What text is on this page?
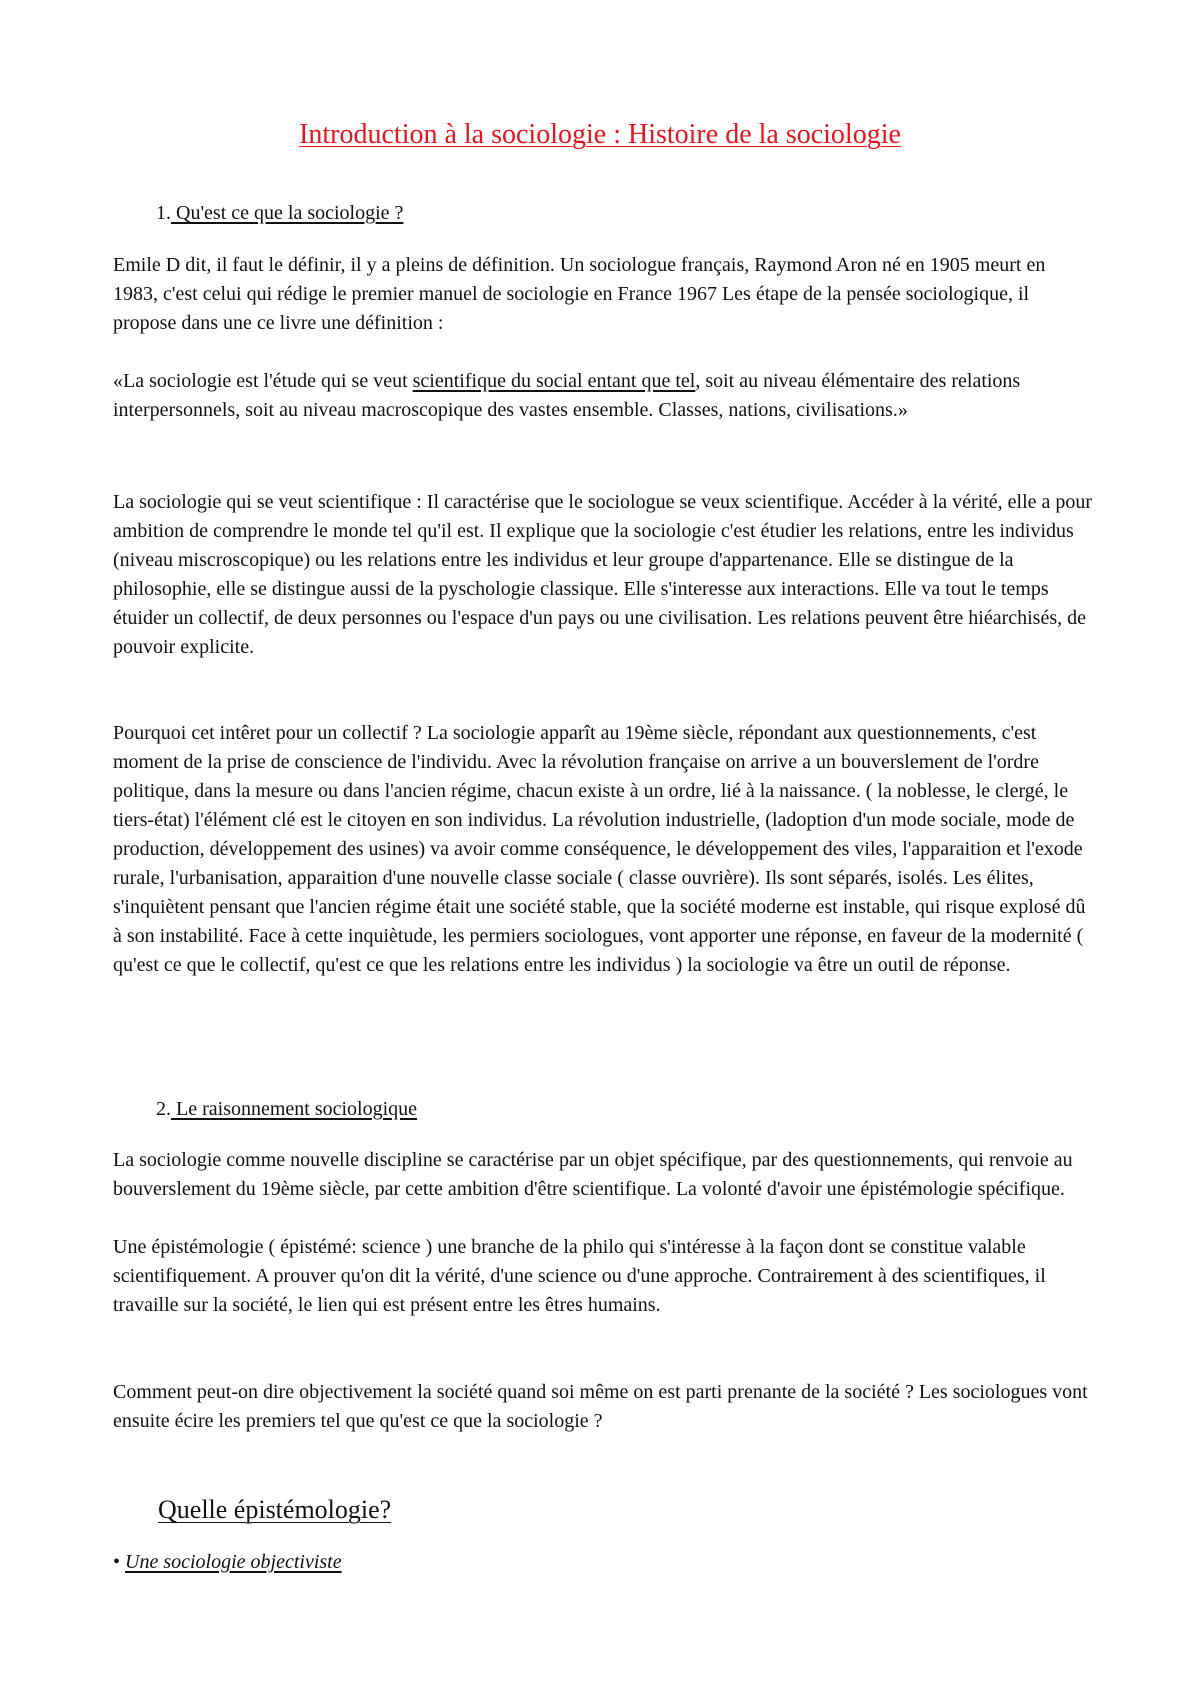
Introduction à la sociologie : Histoire de la sociologie
1. Qu'est ce que la sociologie ?

Emile D dit, il faut le définir, il y a pleins de définition. Un sociologue français, Raymond Aron né en 1905 meurt en 1983, c'est celui qui rédige le premier manuel de sociologie en France 1967 Les étape de la pensée sociologique, il propose dans une ce livre une définition :

«La sociologie est l'étude qui se veut scientifique du social entant que tel, soit au niveau élémentaire des relations interpersonnels, soit au niveau macroscopique des vastes ensemble. Classes, nations, civilisations.»

La sociologie qui se veut scientifique : Il caractérise que le sociologue se veux scientifique. Accéder à la vérité, elle a pour ambition de comprendre le monde tel qu'il est. Il explique que la sociologie c'est étudier les relations, entre les individus (niveau miscroscopique) ou les relations entre les individus et leur groupe d'appartenance. Elle se distingue de la philosophie, elle se distingue aussi de la pyschologie classique. Elle s'interesse aux interactions. Elle va tout le temps étuider un collectif, de deux personnes ou l'espace d'un pays ou une civilisation. Les relations peuvent être hiéarchisés, de pouvoir explicite.

Pourquoi cet intêret pour un collectif ? La sociologie apparît au 19ème siècle, répondant aux questionnements, c'est moment de la prise de conscience de l'individu. Avec la révolution française on arrive a un bouverslement de l'ordre politique, dans la mesure ou dans l'ancien régime, chacun existe à un ordre, lié à la naissance. ( la noblesse, le clergé, le tiers-état) l'élément clé est le citoyen en son individus. La révolution industrielle, (ladoption d'un mode sociale, mode de production, développement des usines) va avoir comme conséquence, le développement des viles, l'apparaition et l'exode rurale, l'urbanisation, apparaition d'une nouvelle classe sociale ( classe ouvrière). Ils sont séparés, isolés. Les élites, s'inquiètent pensant que l'ancien régime était une société stable, que la société moderne est instable, qui risque explosé dû à son instabilité. Face à cette inquiètude, les permiers sociologues, vont apporter une réponse, en faveur de la modernité ( qu'est ce que le collectif, qu'est ce que les relations entre les individus ) la sociologie va être un outil de réponse.

2. Le raisonnement sociologique

La sociologie comme nouvelle discipline se caractérise par un objet spécifique, par des questionnements, qui renvoie au bouverslement du 19ème siècle, par cette ambition d'être scientifique. La volonté d'avoir une épistémologie spécifique.

Une épistémologie ( épistémé: science ) une branche de la philo qui s'intéresse à la façon dont se constitue valable scientifiquement. A prouver qu'on dit la vérité, d'une science ou d'une approche. Contrairement à des scientifiques, il travaille sur la société, le lien qui est présent entre les êtres humains.

Comment peut-on dire objectivement la société quand soi même on est parti prenante de la société ? Les sociologues vont ensuite écire les premiers tel que qu'est ce que la sociologie ?

Quelle épistémologie?

• Une sociologie objectiviste
